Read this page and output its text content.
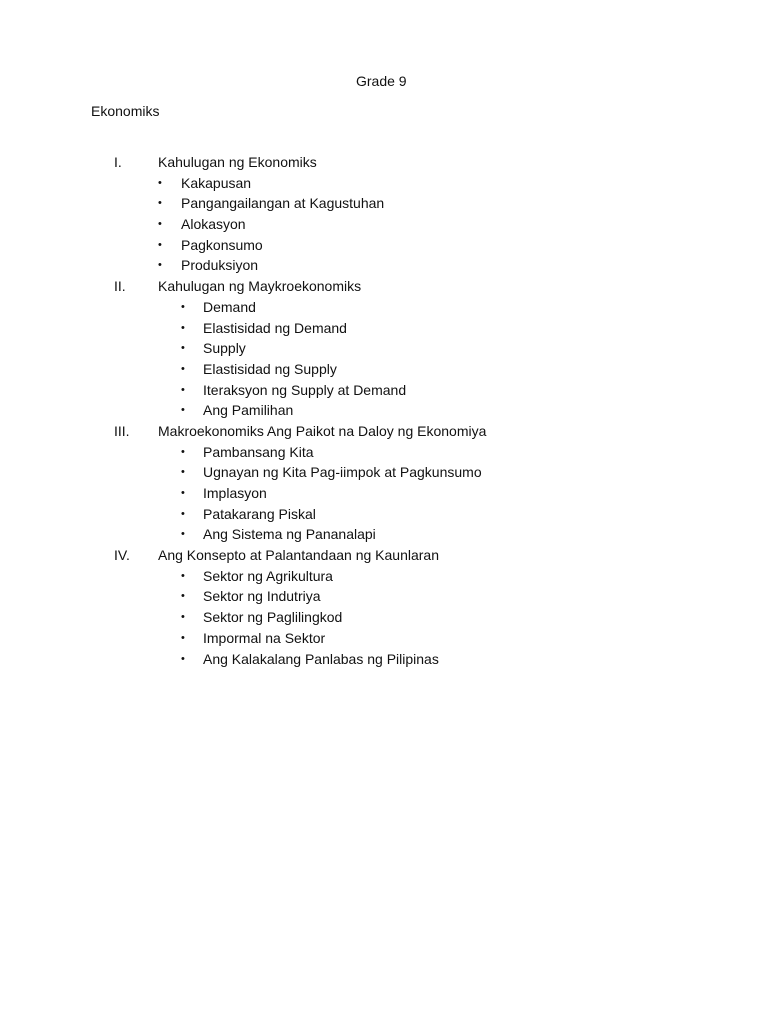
Grade 9
Ekonomiks
I.	Kahulugan ng Ekonomiks
• Kakapusan
• Pangangailangan at Kagustuhan
• Alokasyon
• Pagkonsumo
• Produksiyon
II. Kahulugan ng Maykroekonomiks
• Demand
• Elastisidad ng Demand
• Supply
• Elastisidad ng Supply
• Iteraksyon ng Supply at Demand
• Ang Pamilihan
III. Makroekonomiks Ang Paikot na Daloy ng Ekonomiya
• Pambansang Kita
• Ugnayan ng Kita Pag-iimpok at Pagkunsumo
• Implasyon
• Patakarang Piskal
• Ang Sistema ng Pananalapi
IV. Ang Konsepto at Palantandaan ng Kaunlaran
• Sektor ng Agrikultura
• Sektor ng Indutriya
• Sektor ng Paglilingkod
• Impormal na Sektor
• Ang Kalakalang Panlabas ng Pilipinas
